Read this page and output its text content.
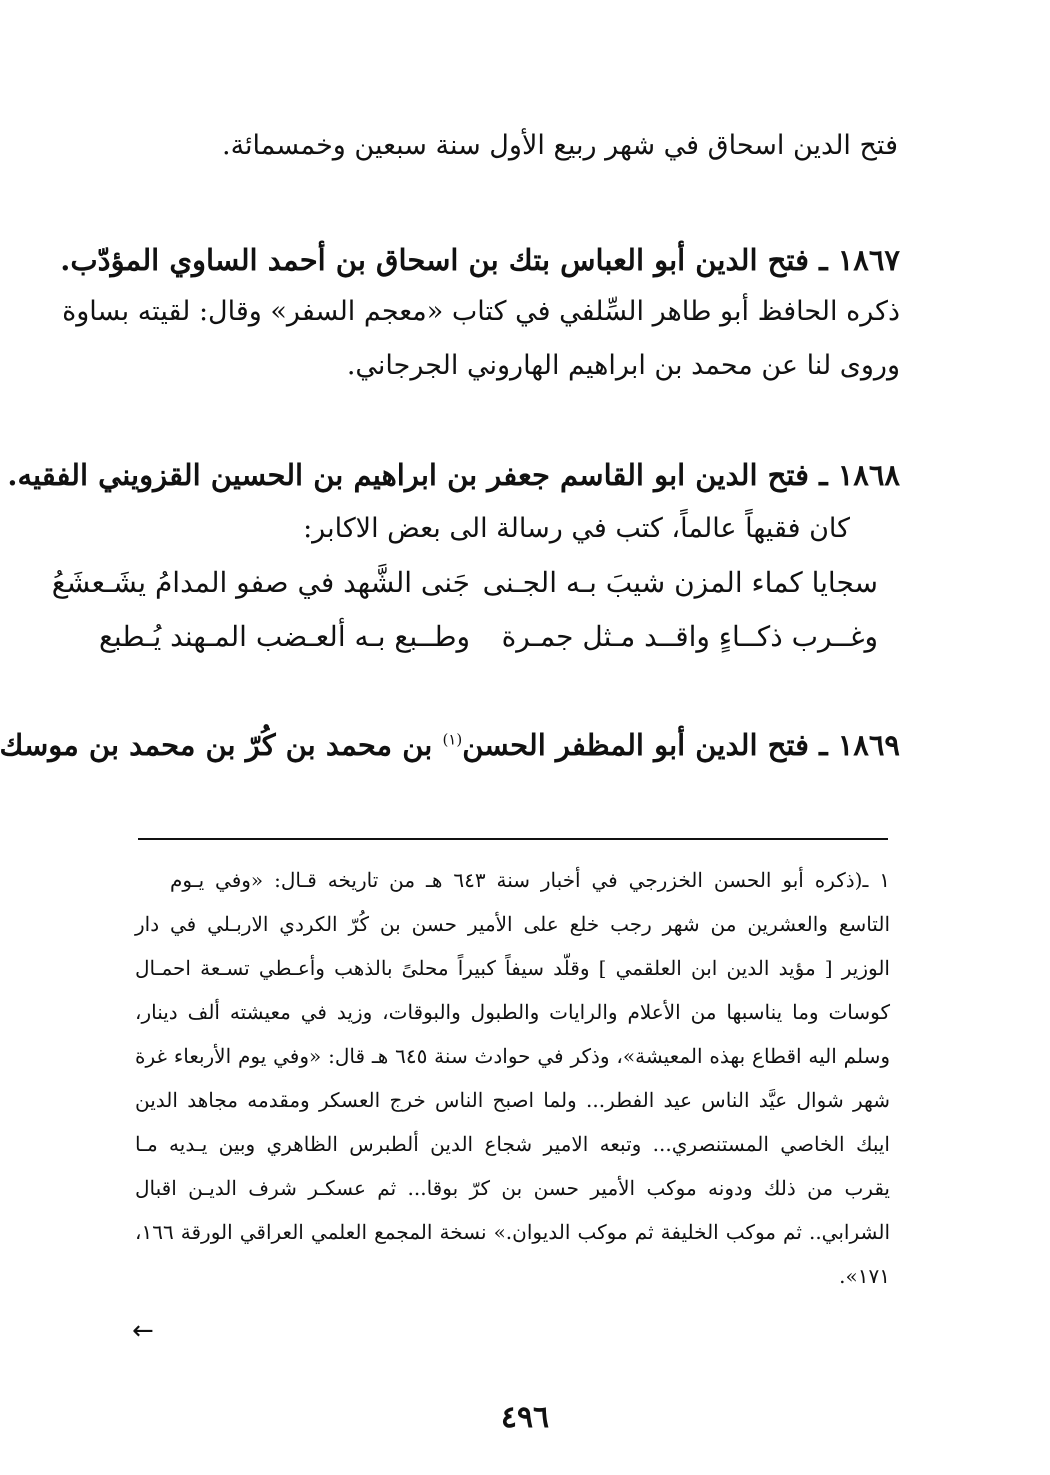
فتح الدين اسحاق في شهر ربيع الأول سنة سبعين وخمسمائة.
١٨٦٧ ـ فتح الدين أبو العباس بتك بن اسحاق بن أحمد الساوي المؤدّب.
ذكره الحافظ أبو طاهر السِّلفي في كتاب «معجم السفر» وقال: لقيته بساوة
وروى لنا عن محمد بن ابراهيم الهاروني الجرجاني.
١٨٦٨ ـ فتح الدين ابو القاسم جعفر بن ابراهيم بن الحسين القزويني الفقيه.
كان فقيهاً عالماً، كتب في رسالة الى بعض الاكابر:
سجايا كماء المزن شيبَ بـه الجـنى
جَنى الشَّهد في صفو المدامُ يشَـعشَعُ
وغــرب ذكــاءٍ واقــد مـثل جمـرة
وطــبع بـه ألعـضب المـهند يُـطبع
١٨٦٩ ـ فتح الدين أبو المظفر الحسن$^{(١)}$ بن محمد بن كُرّ بن محمد بن موسك
١ ـ(ذكره أبو الحسن الخزرجي في أخبار سنة ٦٤٣ هـ من تاريخه قـال: «وفي يـوم
التاسع والعشرين من شهر رجب خلع على الأمير حسن بن كُرّ الكردي الاربـلي في دار
الوزير [ مؤيد الدين ابن العلقمي ] وقلّد سيفاً كبيراً محلىً بالذهب وأعـطي تسـعة احمـال
كوسات وما يناسبها من الأعلام والرايات والطبول والبوقات، وزيد في معيشته ألف دينار،
وسلم اليه اقطاع بهذه المعيشة»، وذكر في حوادث سنة ٦٤٥ هـ قال: «وفي يوم الأربعاء غرة
شهر شوال عيَّد الناس عيد الفطر... ولما اصبح الناس خرج العسكر ومقدمه مجاهد الدين
ايبك الخاصي المستنصري... وتبعه الامير شجاع الدين ألطبرس الظاهري وبين يـديه مـا
يقرب من ذلك ودونه موكب الأمير حسن بن كرّ بوقا... ثم عسكـر شرف الديـن اقبال
الشرابي.. ثم موكب الخليفة ثم موكب الديوان.» نسخة المجمع العلمي العراقي الورقة ١٦٦،
١٧١».
←
٤٩٦
